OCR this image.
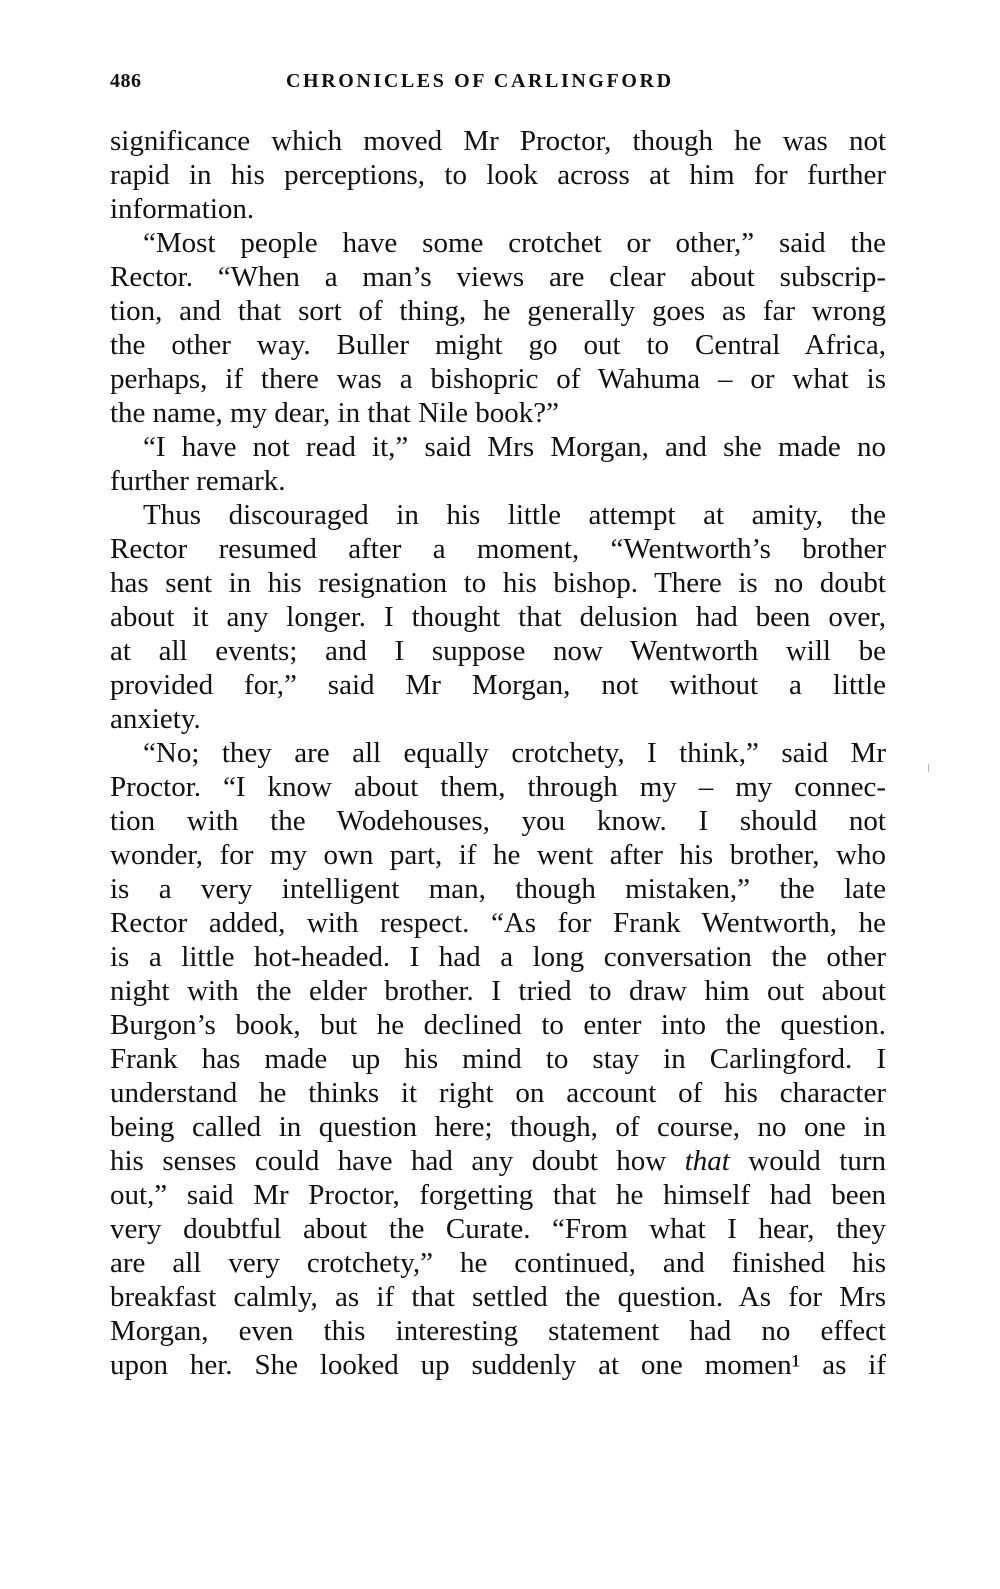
486	CHRONICLES OF CARLINGFORD
significance which moved Mr Proctor, though he was not
rapid in his perceptions, to look across at him for further
information.
“Most people have some crotchet or other,” said the
Rector. “When a man’s views are clear about subscrip-
tion, and that sort of thing, he generally goes as far wrong
the other way. Buller might go out to Central Africa,
perhaps, if there was a bishopric of Wahuma – or what is
the name, my dear, in that Nile book?”
“I have not read it,” said Mrs Morgan, and she made no
further remark.
Thus discouraged in his little attempt at amity, the
Rector resumed after a moment, “Wentworth’s brother
has sent in his resignation to his bishop. There is no doubt
about it any longer. I thought that delusion had been over,
at all events; and I suppose now Wentworth will be
provided for,” said Mr Morgan, not without a little
anxiety.
“No; they are all equally crotchety, I think,” said Mr
Proctor. “I know about them, through my – my connec-
tion with the Wodehouses, you know. I should not
wonder, for my own part, if he went after his brother, who
is a very intelligent man, though mistaken,” the late
Rector added, with respect. “As for Frank Wentworth, he
is a little hot-headed. I had a long conversation the other
night with the elder brother. I tried to draw him out about
Burgon’s book, but he declined to enter into the question.
Frank has made up his mind to stay in Carlingford. I
understand he thinks it right on account of his character
being called in question here; though, of course, no one in
his senses could have had any doubt how that would turn
out,” said Mr Proctor, forgetting that he himself had been
very doubtful about the Curate. “From what I hear, they
are all very crotchety,” he continued, and finished his
breakfast calmly, as if that settled the question. As for Mrs
Morgan, even this interesting statement had no effect
upon her. She looked up suddenly at one momen¹ as if
